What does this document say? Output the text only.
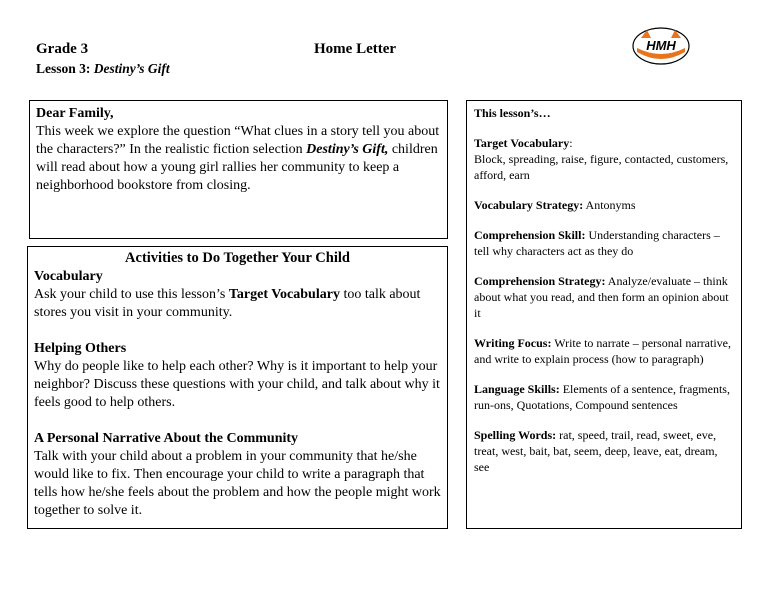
Grade 3
Lesson 3: Destiny’s Gift
Home Letter	HMH
Dear Family,
This week we explore the question “What clues in a story tell you about the characters?” In the realistic fiction selection Destiny’s Gift, children will read about how a young girl rallies her community to keep a neighborhood bookstore from closing.
Activities to Do Together Your Child
Vocabulary
Ask your child to use this lesson’s Target Vocabulary too talk about stores you visit in your community.
Helping Others
Why do people like to help each other? Why is it important to help your neighbor? Discuss these questions with your child, and talk about why it feels good to help others.
A Personal Narrative About the Community
Talk with your child about a problem in your community that he/she would like to fix. Then encourage your child to write a paragraph that tells how he/she feels about the problem and how the people might work together to solve it.
This lesson’s…
Target Vocabulary:
Block, spreading, raise, figure, contacted, customers, afford, earn
Vocabulary Strategy: Antonyms
Comprehension Skill: Understanding characters – tell why characters act as they do
Comprehension Strategy: Analyze/evaluate – think about what you read, and then form an opinion about it
Writing Focus: Write to narrate – personal narrative, and write to explain process (how to paragraph)
Language Skills: Elements of a sentence, fragments, run-ons, Quotations, Compound sentences
Spelling Words: rat, speed, trail, read, sweet, eve, treat, west, bait, bat, seem, deep, leave, eat, dream, see
